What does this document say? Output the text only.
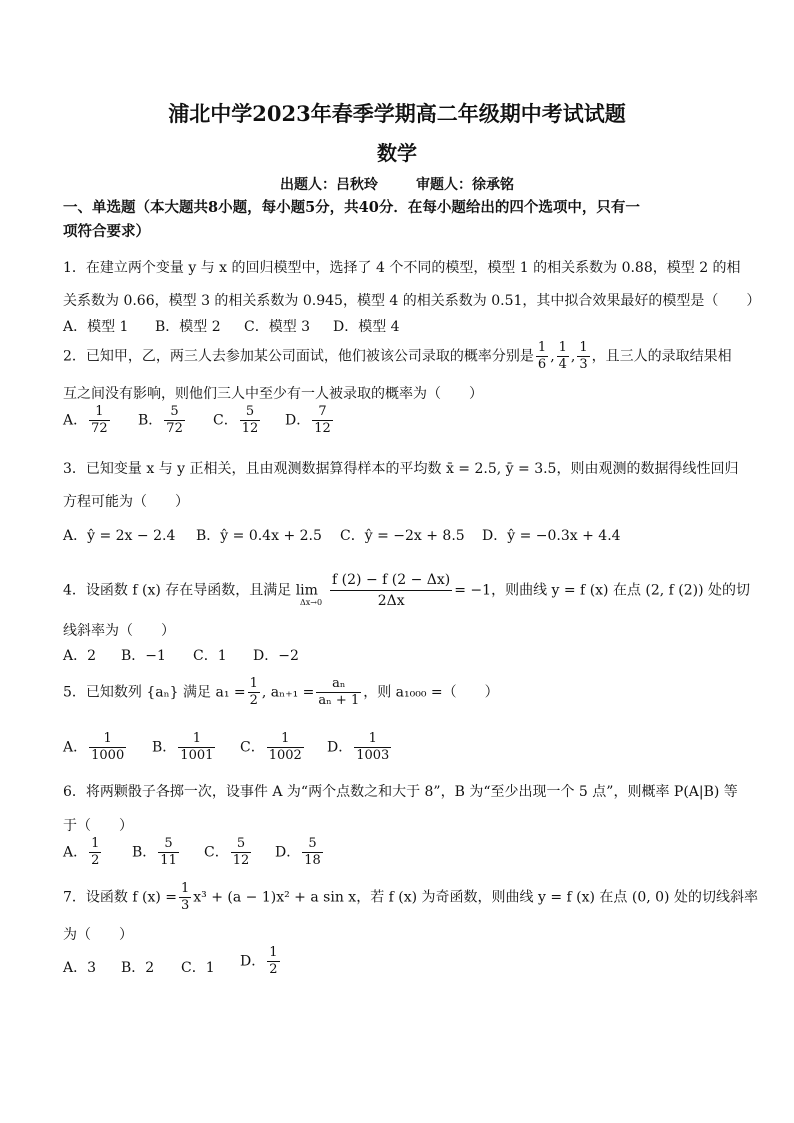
浦北中学2023年春季学期高二年级期中考试试题
数学
出题人：吕秋玲	审题人：徐承铭
一、单选题（本大题共8小题，每小题5分，共40分．在每小题给出的四个选项中，只有一
项符合要求）
1．在建立两个变量 y 与 x 的回归模型中，选择了 4 个不同的模型，模型 1 的相关系数为 0.88，模型 2 的相
关系数为 0.66，模型 3 的相关系数为 0.945，模型 4 的相关系数为 0.51，其中拟合效果最好的模型是（　　）
A．模型 1 B．模型 2 C．模型 3 D．模型 4
2．已知甲，乙，两三人去参加某公司面试，他们被该公司录取的概率分别是 $\frac{1}{6}$ , $\frac{1}{4}$ , $\frac{1}{3}$ ，且三人的录取结果相
互之间没有影响，则他们三人中至少有一人被录取的概率为（　　）
A． $\frac{1}{72}$ B． $\frac{5}{72}$ C． $\frac{5}{12}$ D． $\frac{7}{12}$
3．已知变量 x 与 y 正相关，且由观测数据算得样本的平均数 x̄ = 2.5, ȳ = 3.5，则由观测的数据得线性回归
方程可能为（　　）
A．ŷ = 2x − 2.4 B．ŷ = 0.4x + 2.5 C．ŷ = −2x + 8.5 D．ŷ = −0.3x + 4.4
4．设函数 f (x) 存在导函数，且满足 $\lim_{\Delta x\to 0} \frac{f (2) - f (2 - \Delta x)}{2\Delta x} = -1$，则曲线 y = f (x) 在点 (2, f (2)) 处的切
线斜率为（　　）
A．2 B．−1 C．1 D．−2
5．已知数列 {aₙ} 满足 $a_1 = \frac{1}{2}$ , $a_{n+1} = \frac{\text{aₙ}}{\text{aₙ + 1}}$ ，则 a₁₀₀₀ =（　　）
A． $\frac{1}{1000}$ B． $\frac{1}{1001}$ C． $\frac{1}{1002}$ D． $\frac{1}{1003}$
6．将两颗骰子各掷一次，设事件 A 为“两个点数之和大于 8”，B 为“至少出现一个 5 点”，则概率 P(A|B) 等
于（　　）
A． $\frac{1}{2}$ B． $\frac{5}{11}$ C． $\frac{5}{12}$ D． $\frac{5}{18}$
7．设函数 f $(x) = \frac{1}{3} x^3 + (a - 1)x^2 + a$ sin x，若 f (x) 为奇函数，则曲线 y = f (x) 在点 (0, 0) 处的切线斜率
为（　　）
A．3 B．2 C．1 D． $\frac{1}{2}$
